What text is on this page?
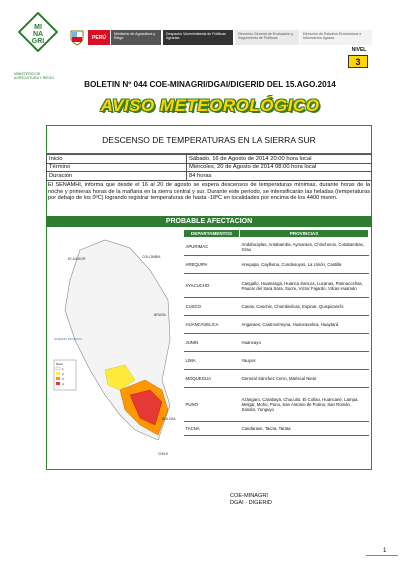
MI
NA
GRI
MINISTERIO DE AGRICULTURA Y RIEGO
PERÚ
Ministerio de Agricultura y Riego
Despacho Viceministerial de Políticas Agrarias
Dirección General de Evaluación y Seguimiento de Políticas
Dirección de Estudios Económicos e Información Agraria
NIVEL
3
BOLETIN Nº 044 COE-MINAGRI/DGAI/DIGERID DEL 15.AGO.2014
AVISO METEOROLÓGICO
DESCENSO DE TEMPERATURAS EN LA SIERRA SUR
Inicio	Sábado, 16 de Agosto de 2014 20:00 hora local
Término	Miércoles, 20 de Agosto de 2014 08:00 hora local
Duración	84 horas
El SENAMHI, informa que desde el 16 al 20 de agosto se espera descensos de temperaturas mínimas, durante horas de la noche y primeras horas de la mañana en la sierra central y sur. Durante este periodo, se intensificarán las heladas (temperaturas por debajo de los 0ºC) logrando registrar temperaturas de hasta -18ºC en localidades por encima de los 4400 msnm.
PROBABLE AFECTACION
ECUADOR	COLOMBIA
BRASIL
BOLIVIA
CHILE
OCÉANO PACÍFICO
Nivel
1
2
3
4
DEPARTAMENTOS	PROVINCIAS
APURIMAC	Andahuaylas, Antabamba, Aymaraes, Chincheros, Cotabambas, Grau
AREQUIPA	Arequipa, Caylloma, Condesuyos, La Unión, Castilla
AYACUCHO	Cangallo, Huamanga, Huanca Sancos, Lucanas, Parinacochas, Paucar del Sara Sara, Sucre, Víctor Fajardo, Vilcas Huamán
CUSCO	Canas, Canchis, Chumbivilcas, Espinar, Quispicanchi
HUANCAVELICA	Angaraes, Castrovirreyna, Huancavelica, Huaytará
JUNIN	Huancayo
LIMA	Yauyos
MOQUEGUA	General Sánchez Cerro, Mariscal Nieto
PUNO	Azángaro, Carabaya, Chucuito, El Collao, Huancané, Lampa, Melgar, Moho, Puno, San Antonio de Putina, San Román, Sandia, Yunguyo
TACNA	Candarave, Tacna, Tarata
COE-MINAGRI
DGAI - DIGERID
1
